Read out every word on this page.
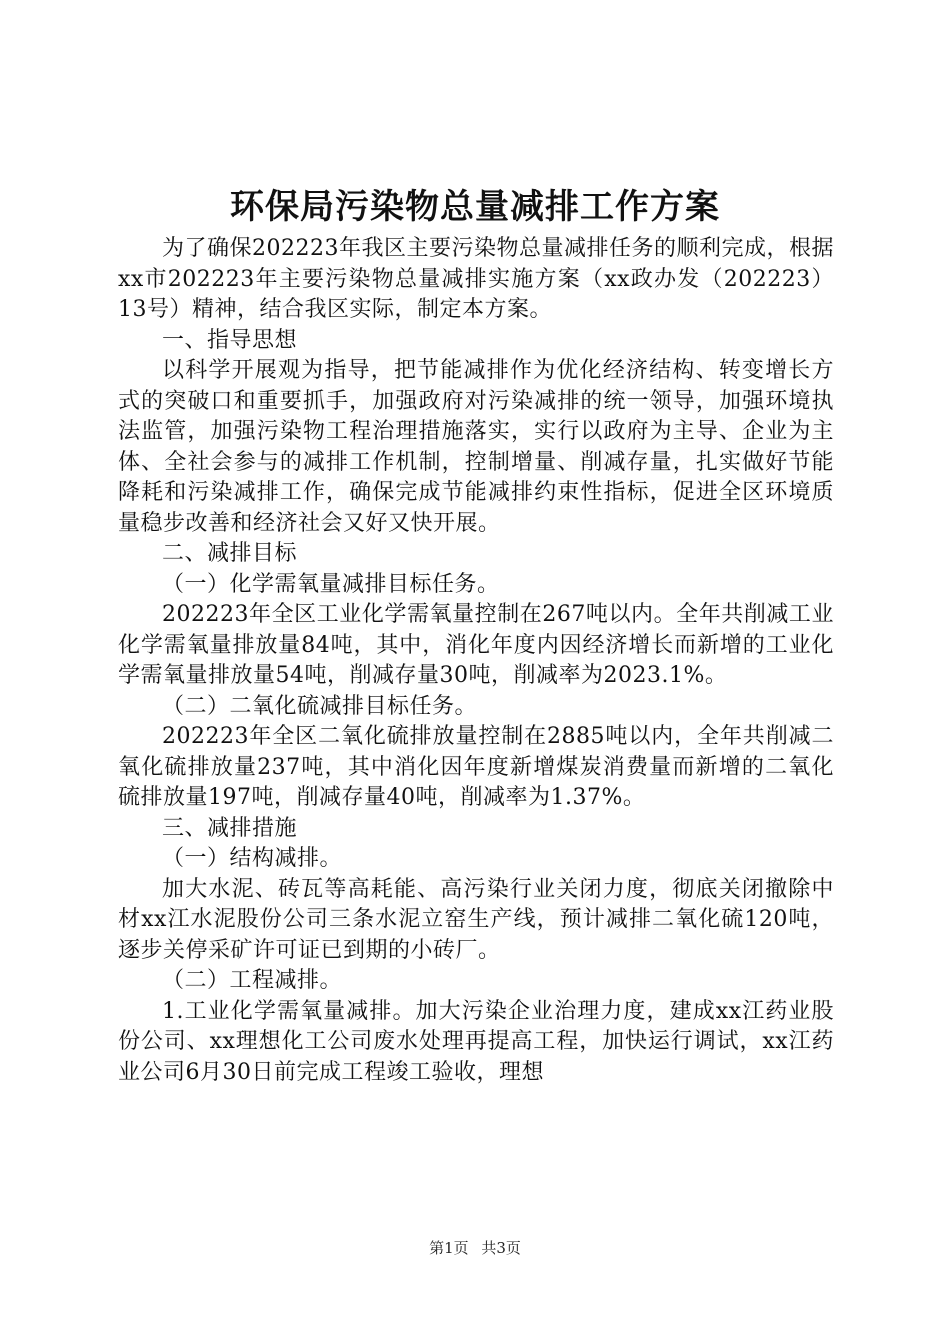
环保局污染物总量减排工作方案

为了确保202223年我区主要污染物总量减排任务的顺利完成，根据xx市202223年主要污染物总量减排实施方案（xx政办发（202223）13号）精神，结合我区实际，制定本方案。

一、指导思想

以科学开展观为指导，把节能减排作为优化经济结构、转变增长方式的突破口和重要抓手，加强政府对污染减排的统一领导，加强环境执法监管，加强污染物工程治理措施落实，实行以政府为主导、企业为主体、全社会参与的减排工作机制，控制增量、削减存量，扎实做好节能降耗和污染减排工作，确保完成节能减排约束性指标，促进全区环境质量稳步改善和经济社会又好又快开展。

二、减排目标

（一）化学需氧量减排目标任务。

202223年全区工业化学需氧量控制在267吨以内。全年共削减工业化学需氧量排放量84吨，其中，消化年度内因经济增长而新增的工业化学需氧量排放量54吨，削减存量30吨，削减率为2023.1%。

（二）二氧化硫减排目标任务。

202223年全区二氧化硫排放量控制在2885吨以内，全年共削减二氧化硫排放量237吨，其中消化因年度新增煤炭消费量而新增的二氧化硫排放量197吨，削减存量40吨，削减率为1.37%。

三、减排措施

（一）结构减排。

加大水泥、砖瓦等高耗能、高污染行业关闭力度，彻底关闭撤除中材xx江水泥股份公司三条水泥立窑生产线，预计减排二氧化硫120吨，逐步关停采矿许可证已到期的小砖厂。

（二）工程减排。

1.工业化学需氧量减排。加大污染企业治理力度，建成xx江药业股份公司、xx理想化工公司废水处理再提高工程，加快运行调试，xx江药业公司6月30日前完成工程竣工验收，理想

第1页 共3页
